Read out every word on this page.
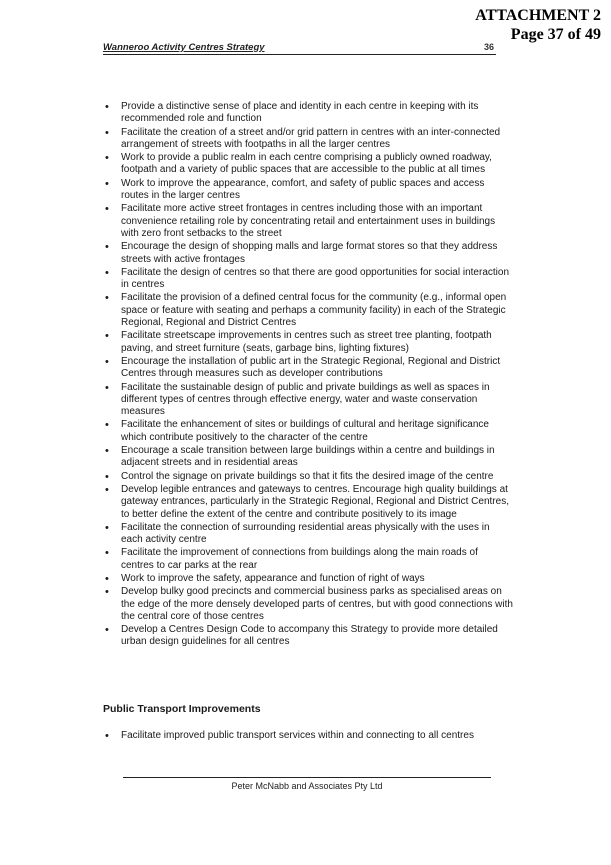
ATTACHMENT 2
Page 37 of 49
Wanneroo Activity Centres Strategy	36
• Provide a distinctive sense of place and identity in each centre in keeping with its recommended role and function
• Facilitate the creation of a street and/or grid pattern in centres with an inter-connected arrangement of streets with footpaths in all the larger centres
• Work to provide a public realm in each centre comprising a publicly owned roadway, footpath and a variety of public spaces that are accessible to the public at all times
• Work to improve the appearance, comfort, and safety of public spaces and access routes in the larger centres
• Facilitate more active street frontages in centres including those with an important convenience retailing role by concentrating retail and entertainment uses in buildings with zero front setbacks to the street
• Encourage the design of shopping malls and large format stores so that they address streets with active frontages
• Facilitate the design of centres so that there are good opportunities for social interaction in centres
• Facilitate the provision of a defined central focus for the community (e.g., informal open space or feature with seating and perhaps a community facility) in each of the Strategic Regional, Regional and District Centres
• Facilitate streetscape improvements in centres such as street tree planting, footpath paving, and street furniture (seats, garbage bins, lighting fixtures)
• Encourage the installation of public art in the Strategic Regional, Regional and District Centres through measures such as developer contributions
• Facilitate the sustainable design of public and private buildings as well as spaces in different types of centres through effective energy, water and waste conservation measures
• Facilitate the enhancement of sites or buildings of cultural and heritage significance which contribute positively to the character of the centre
• Encourage a scale transition between large buildings within a centre and buildings in adjacent streets and in residential areas
• Control the signage on private buildings so that it fits the desired image of the centre
• Develop legible entrances and gateways to centres. Encourage high quality buildings at gateway entrances, particularly in the Strategic Regional, Regional and District Centres, to better define the extent of the centre and contribute positively to its image
• Facilitate the connection of surrounding residential areas physically with the uses in each activity centre
• Facilitate the improvement of connections from buildings along the main roads of centres to car parks at the rear
• Work to improve the safety, appearance and function of right of ways
• Develop bulky good precincts and commercial business parks as specialised areas on the edge of the more densely developed parts of centres, but with good connections with the central core of those centres
• Develop a Centres Design Code to accompany this Strategy to provide more detailed urban design guidelines for all centres
Public Transport Improvements
• Facilitate improved public transport services within and connecting to all centres
Peter McNabb and Associates Pty Ltd
